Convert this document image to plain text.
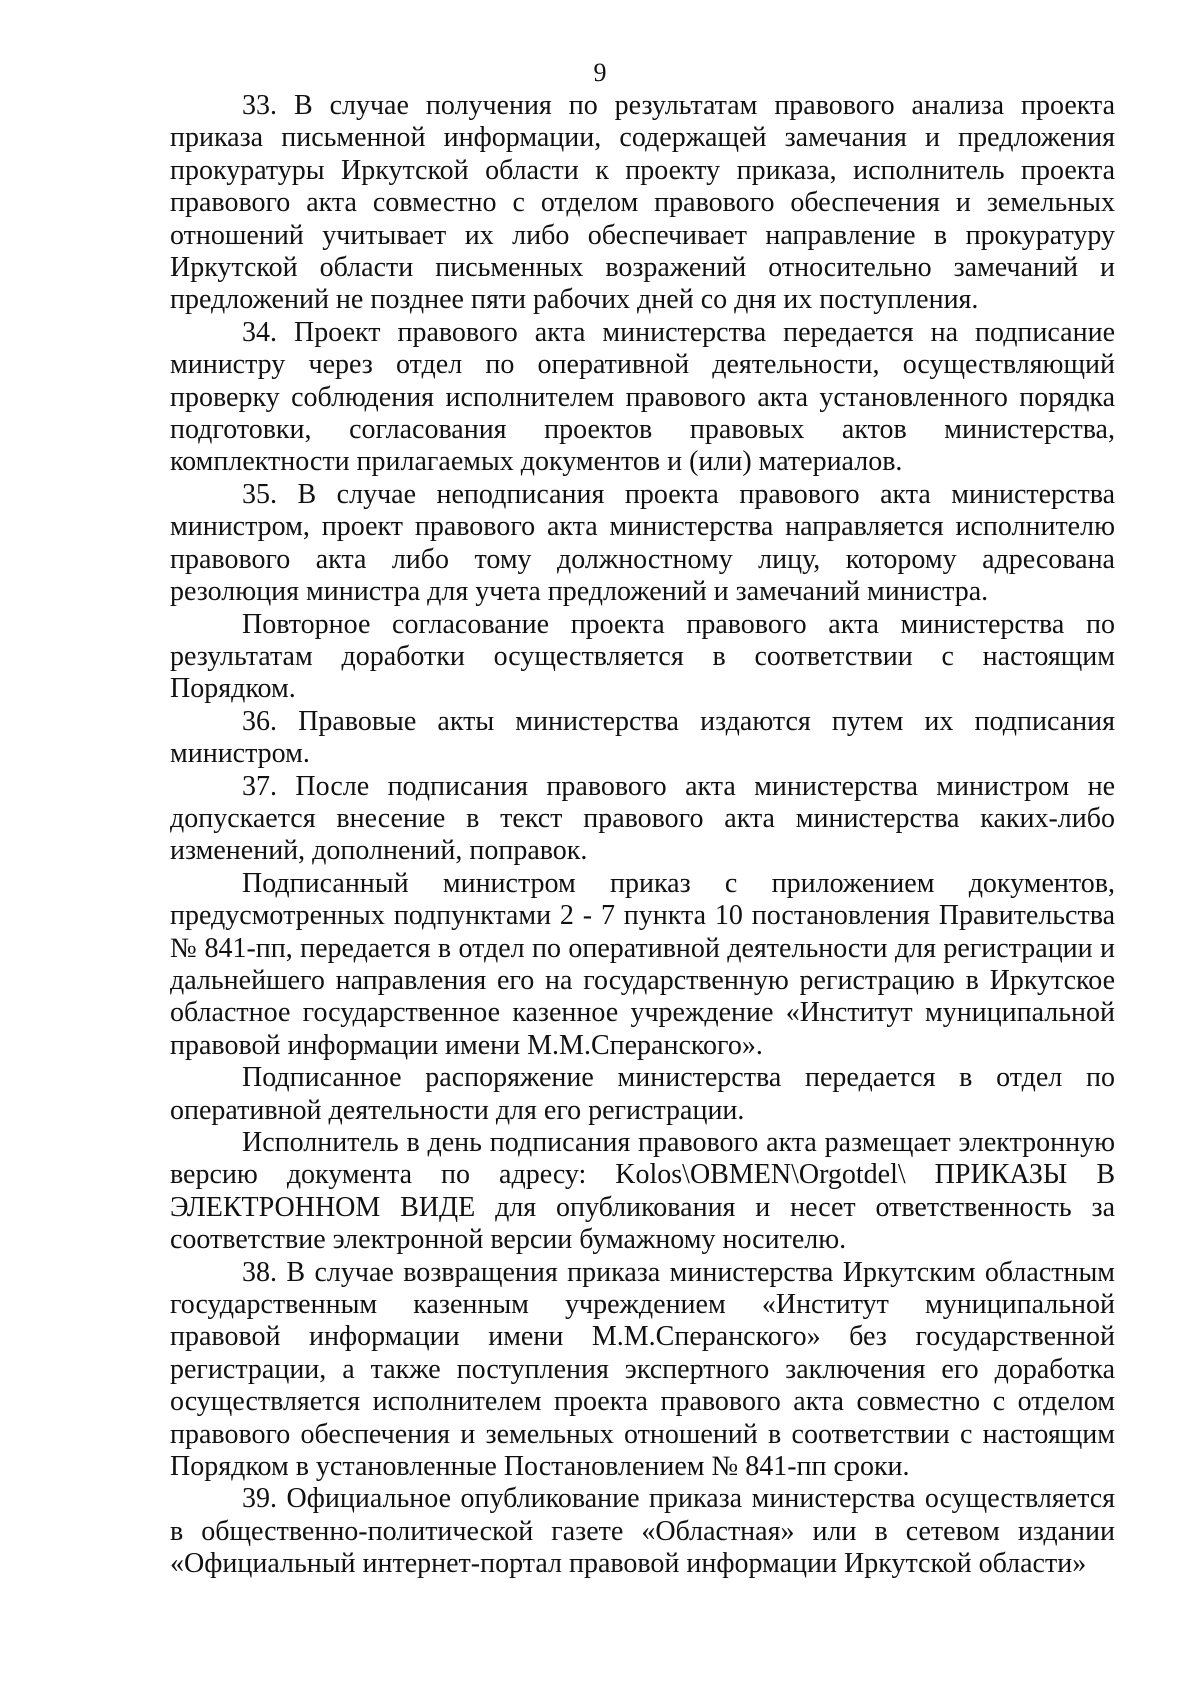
9

33. В случае получения по результатам правового анализа проекта приказа письменной информации, содержащей замечания и предложения прокуратуры Иркутской области к проекту приказа, исполнитель проекта правового акта совместно с отделом правового обеспечения и земельных отношений учитывает их либо обеспечивает направление в прокуратуру Иркутской области письменных возражений относительно замечаний и предложений не позднее пяти рабочих дней со дня их поступления.

34. Проект правового акта министерства передается на подписание министру через отдел по оперативной деятельности, осуществляющий проверку соблюдения исполнителем правового акта установленного порядка подготовки, согласования проектов правовых актов министерства, комплектности прилагаемых документов и (или) материалов.

35. В случае неподписания проекта правового акта министерства министром, проект правового акта министерства направляется исполнителю правового акта либо тому должностному лицу, которому адресована резолюция министра для учета предложений и замечаний министра.

Повторное согласование проекта правового акта министерства по результатам доработки осуществляется в соответствии с настоящим Порядком.

36. Правовые акты министерства издаются путем их подписания министром.

37. После подписания правового акта министерства министром не допускается внесение в текст правового акта министерства каких-либо изменений, дополнений, поправок.

Подписанный министром приказ с приложением документов, предусмотренных подпунктами 2 - 7 пункта 10 постановления Правительства № 841-пп, передается в отдел по оперативной деятельности для регистрации и дальнейшего направления его на государственную регистрацию в Иркутское областное государственное казенное учреждение «Институт муниципальной правовой информации имени М.М.Сперанского».

Подписанное распоряжение министерства передается в отдел по оперативной деятельности для его регистрации.

Исполнитель в день подписания правового акта размещает электронную версию документа по адресу: Kolos\OBMEN\Orgotdel\ ПРИКАЗЫ В ЭЛЕКТРОННОМ ВИДЕ для опубликования и несет ответственность за соответствие электронной версии бумажному носителю.

38. В случае возвращения приказа министерства Иркутским областным государственным казенным учреждением «Институт муниципальной правовой информации имени М.М.Сперанского» без государственной регистрации, а также поступления экспертного заключения его доработка осуществляется исполнителем проекта правового акта совместно с отделом правового обеспечения и земельных отношений в соответствии с настоящим Порядком в установленные Постановлением № 841-пп сроки.

39. Официальное опубликование приказа министерства осуществляется в общественно-политической газете «Областная» или в сетевом издании «Официальный интернет-портал правовой информации Иркутской области»
